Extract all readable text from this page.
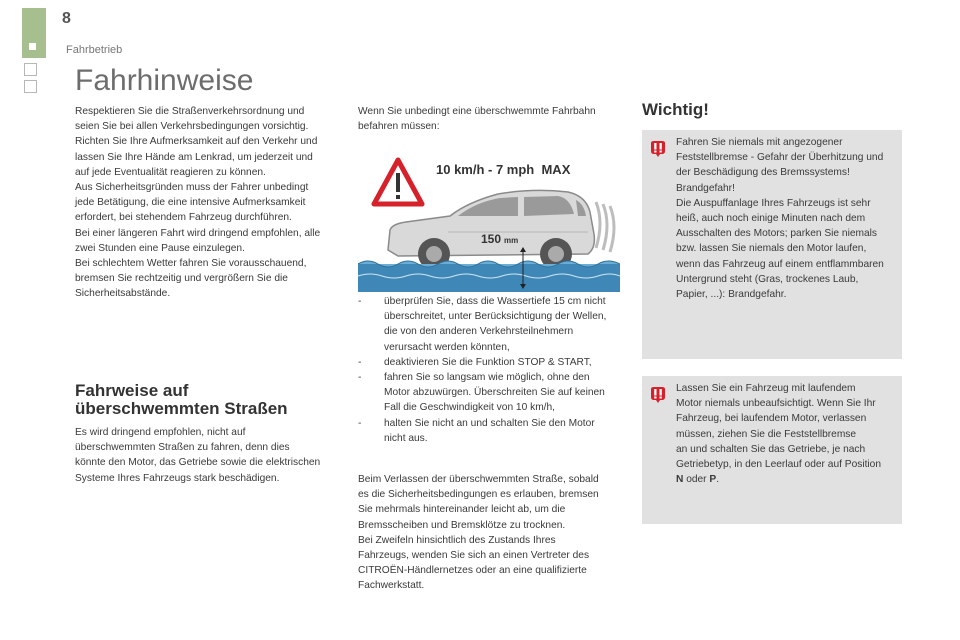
8
Fahrbetrieb
Fahrhinweise
Respektieren Sie die Straßenverkehrsordnung und
seien Sie bei allen Verkehrsbedingungen vorsichtig.
Richten Sie Ihre Aufmerksamkeit auf den Verkehr und
lassen Sie Ihre Hände am Lenkrad, um jederzeit und
auf jede Eventualität reagieren zu können.
Aus Sicherheitsgründen muss der Fahrer unbedingt
jede Betätigung, die eine intensive Aufmerksamkeit
erfordert, bei stehendem Fahrzeug durchführen.
Bei einer längeren Fahrt wird dringend empfohlen, alle
zwei Stunden eine Pause einzulegen.
Bei schlechtem Wetter fahren Sie vorausschauend,
bremsen Sie rechtzeitig und vergrößern Sie die
Sicherheitsabstände.
Fahrweise auf
überschwemmten Straßen
Es wird dringend empfohlen, nicht auf
überschwemmten Straßen zu fahren, denn dies
könnte den Motor, das Getriebe sowie die elektrischen
Systeme Ihres Fahrzeugs stark beschädigen.
Wenn Sie unbedingt eine überschwemmte Fahrbahn
befahren müssen:
10 km/h - 7 mph  MAX
150 mm
- überprüfen Sie, dass die Wassertiefe 15 cm nicht
überschreitet, unter Berücksichtigung der Wellen,
die von den anderen Verkehrsteilnehmern
verursacht werden könnten,
- deaktivieren Sie die Funktion STOP & START,
- fahren Sie so langsam wie möglich, ohne den
Motor abzuwürgen. Überschreiten Sie auf keinen
Fall die Geschwindigkeit von 10 km/h,
- halten Sie nicht an und schalten Sie den Motor
nicht aus.
Beim Verlassen der überschwemmten Straße, sobald
es die Sicherheitsbedingungen es erlauben, bremsen
Sie mehrmals hintereinander leicht ab, um die
Bremsscheiben und Bremsklötze zu trocknen.
Bei Zweifeln hinsichtlich des Zustands Ihres
Fahrzeugs, wenden Sie sich an einen Vertreter des
CITROËN-Händlernetzes oder an eine qualifizierte
Fachwerkstatt.
Wichtig!
Fahren Sie niemals mit angezogener
Feststellbremse - Gefahr der Überhitzung und
der Beschädigung des Bremssystems!
Brandgefahr!
Die Auspuffanlage Ihres Fahrzeugs ist sehr
heiß, auch noch einige Minuten nach dem
Ausschalten des Motors; parken Sie niemals
bzw. lassen Sie niemals den Motor laufen,
wenn das Fahrzeug auf einem entflammbaren
Untergrund steht (Gras, trockenes Laub,
Papier, ...): Brandgefahr.
Lassen Sie ein Fahrzeug mit laufendem
Motor niemals unbeaufsichtigt. Wenn Sie Ihr
Fahrzeug, bei laufendem Motor, verlassen
müssen, ziehen Sie die Feststellbremse
an und schalten Sie das Getriebe, je nach
Getriebetyp, in den Leerlauf oder auf Position
N oder P.
